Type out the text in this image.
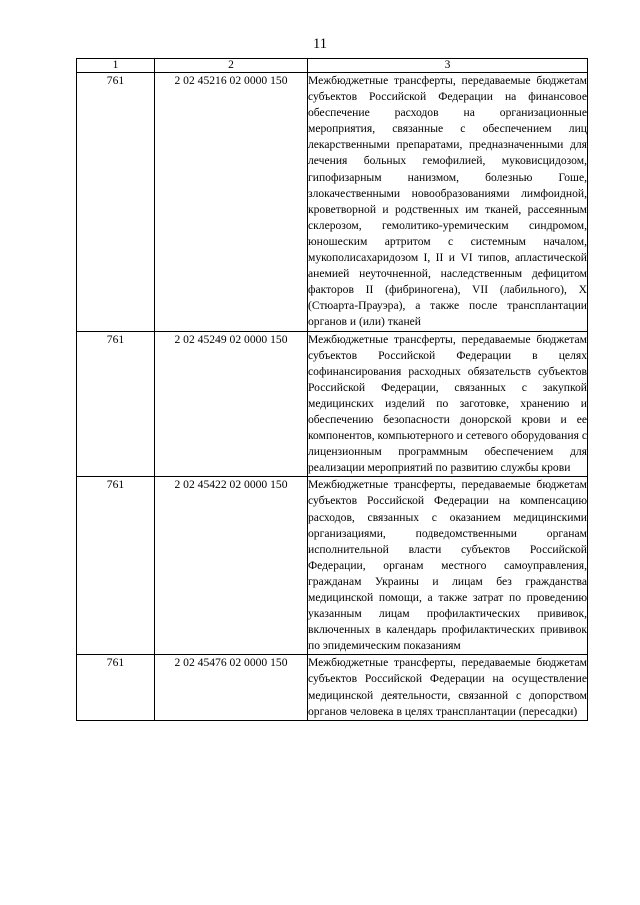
11
1	2	3
761	2 02 45216 02 0000 150	Межбюджетные трансферты, передаваемые бюджетам субъектов Российской Федерации на финансовое обеспечение расходов на организационные мероприятия, связанные с обеспечением лиц лекарственными препаратами, предназначенными для лечения больных гемофилией, муковисцидозом, гипофизарным нанизмом, болезнью Гоше, злокачественными новообразованиями лимфоидной, кроветворной и родственных им тканей, рассеянным склерозом, гемолитико-уремическим синдромом, юношеским артритом с системным началом, мукополисахаридозом I, II и VI типов, апластической анемией неуточненной, наследственным дефицитом факторов II (фибриногена), VII (лабильного), X (Стюарта-Прауэра), а также после трансплантации органов и (или) тканей
761	2 02 45249 02 0000 150	Межбюджетные трансферты, передаваемые бюджетам субъектов Российской Федерации в целях софинансирования расходных обязательств субъектов Российской Федерации, связанных с закупкой медицинских изделий по заготовке, хранению и обеспечению безопасности донорской крови и ее компонентов, компьютерного и сетевого оборудования с лицензионным программным обеспечением для реализации мероприятий по развитию службы крови
761	2 02 45422 02 0000 150	Межбюджетные трансферты, передаваемые бюджетам субъектов Российской Федерации на компенсацию расходов, связанных с оказанием медицинскими организациями, подведомственными органам исполнительной власти субъектов Российской Федерации, органам местного самоуправления, гражданам Украины и лицам без гражданства медицинской помощи, а также затрат по проведению указанным лицам профилактических прививок, включенных в календарь профилактических прививок по эпидемическим показаниям
761	2 02 45476 02 0000 150	Межбюджетные трансферты, передаваемые бюджетам субъектов Российской Федерации на осуществление медицинской деятельности, связанной с допорством органов человека в целях трансплантации (пересадки)
